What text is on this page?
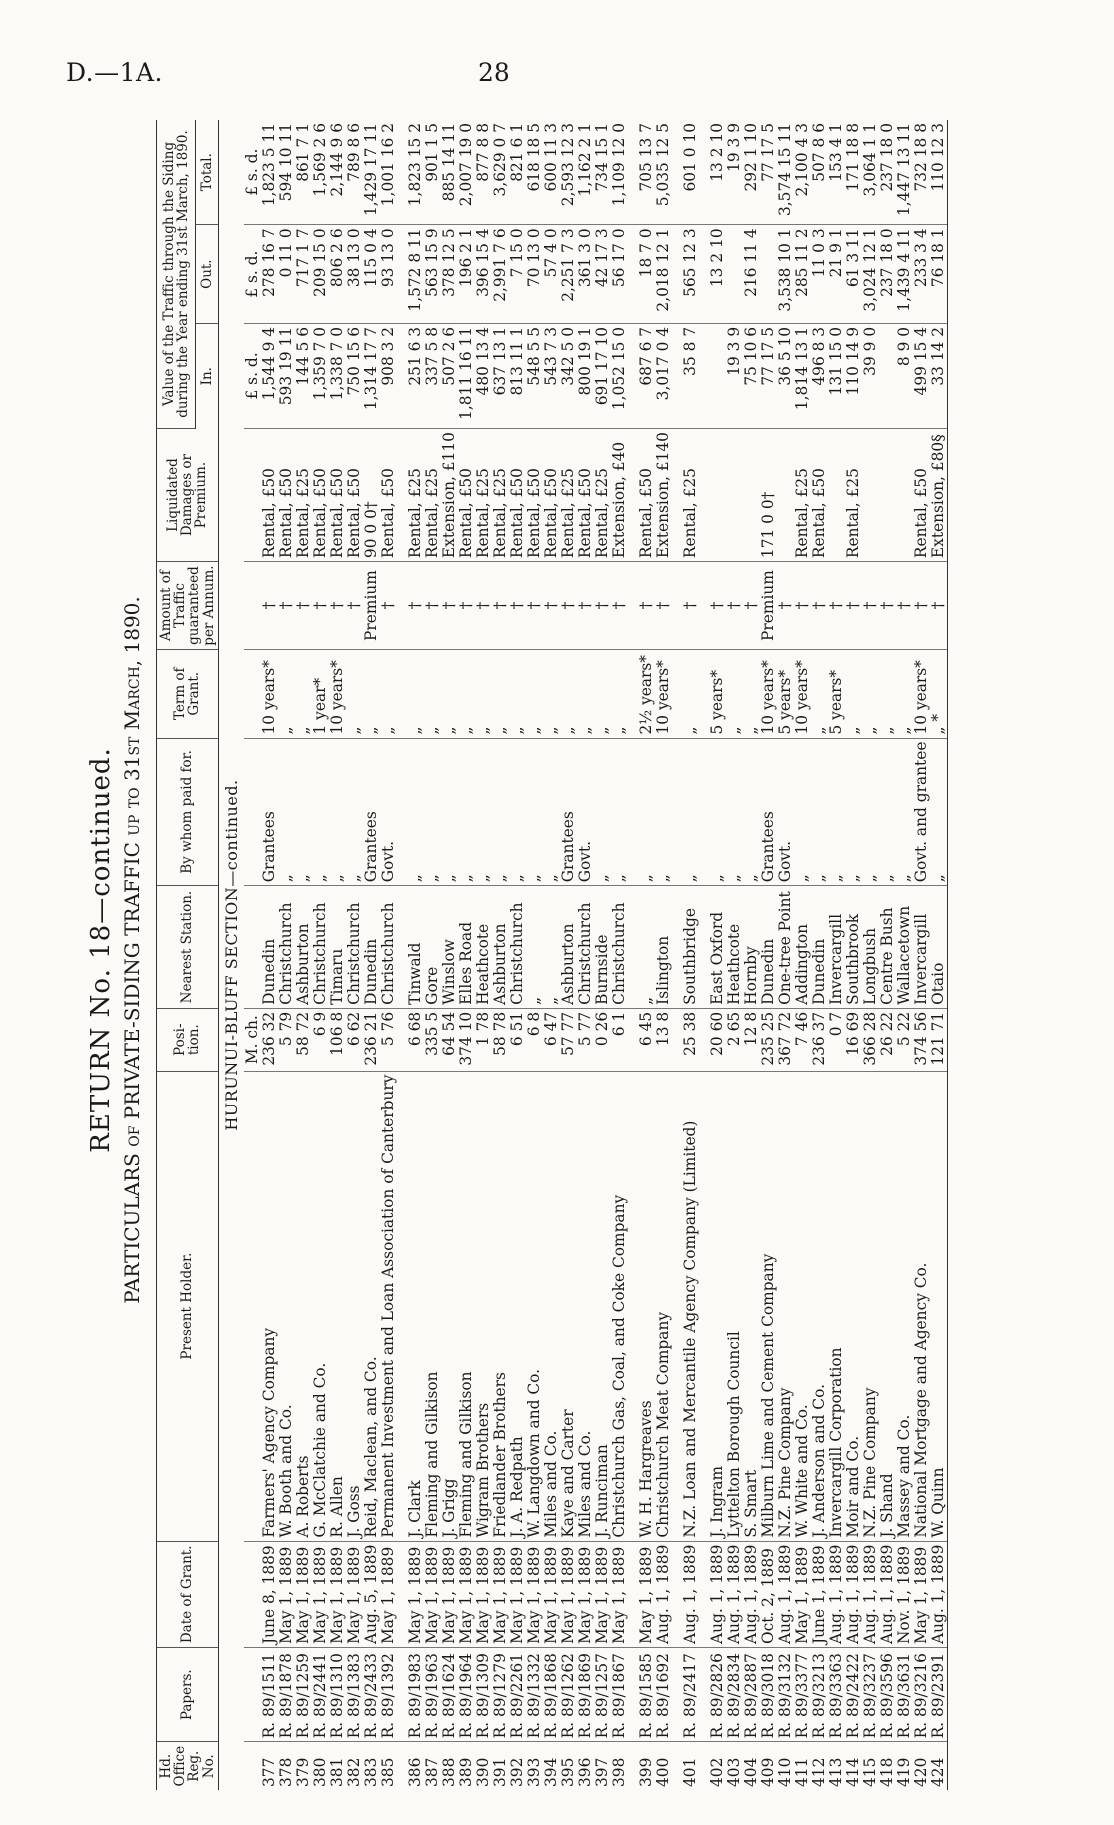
D.—1A.	28
RETURN No. 18—continued. PARTICULARS of PRIVATE-SIDING TRAFFIC up to 31st March, 1890.
Hd. Office Reg. No.	Papers.	Date of Grant.	Present Holder.	Posi-tion.	Nearest Station.	By whom paid for.	Term of Grant.	Amount of Traffic guaranteed per Annum.	Liquidated Damages or Premium.	Value of the Traffic through the Siding during the Year ending 31st March, 1890.		
										In.	Out.	Total.
HURUNUI-BLUFF SECTION—continued.												
				M. ch.						£ s. d.	£ s. d.	£ s. d.
377	R. 89/1511	June 8, 1889	Farmers' Agency Company	236 32	Dunedin	Grantees	10 years*	†	Rental, £50	1,544 9 4	278 16 7	1,823 5 11
378	R. 89/1878	May 1, 1889	W. Booth and Co.	5 79	Christchurch	„	„	†	Rental, £50	593 19 11	0 11 0	594 10 11
379	R. 89/1259	May 1, 1889	A. Roberts	58 72	Ashburton	„	„	†	Rental, £25	144 5 6	717 1 7	861 7 1
380	R. 89/2441	May 1, 1889	G. McClatchie and Co.	6 9	Christchurch	„	1 year*	†	Rental, £50	1,359 7 0	209 15 0	1,569 2 6
381	R. 89/1310	May 1, 1889	R. Allen	106 8	Timaru	„	10 years*	†	Rental, £50	1,338 7 0	806 2 6	2,144 9 6
382	R. 89/1383	May 1, 1889	J. Goss	6 62	Christchurch	„	„	†	Rental, £50	750 15 6	38 13 0	789 8 6
383	R. 89/2433	Aug. 5, 1889	Reid, Maclean, and Co.	236 21	Dunedin	Grantees	„	Premium	90 0 0†	1,314 17 7	115 0 4	1,429 17 11
385	R. 89/1392	May 1, 1889	Permanent Investment and Loan Association of Canterbury	5 76	Christchurch	Govt.	„	†	Rental, £50	908 3 2	93 13 0	1,001 16 2

386	R. 89/1983	May 1, 1889	J. Clark	6 68	Tinwald	„	„	†	Rental, £25	251 6 3	1,572 8 11	1,823 15 2
387	R. 89/1963	May 1, 1889	Fleming and Gilkison	335 5	Gore	„	„	†	Rental, £25	337 5 8	563 15 9	901 1 5
388	R. 89/1624	May 1, 1889	J. Grigg	64 54	Winslow	„	„	†	Extension, £110	507 2 6	378 12 5	885 14 11
389	R. 89/1964	May 1, 1889	Fleming and Gilkison	374 10	Elles Road	„	„	†	Rental, £50	1,811 16 11	196 2 1	2,007 19 0
390	R. 89/1309	May 1, 1889	Wigram Brothers	1 78	Heathcote	„	„	†	Rental, £25	480 13 4	396 15 4	877 8 8
391	R. 89/1279	May 1, 1889	Friedlander Brothers	58 78	Ashburton	„	„	†	Rental, £25	637 13 1	2,991 7 6	3,629 0 7
392	R. 89/2261	May 1, 1889	J. A. Redpath	6 51	Christchurch	„	„	†	Rental, £50	813 11 1	7 15 0	821 6 1
393	R. 89/1332	May 1, 1889	W. Langdown and Co.	6 8	„	„	„	†	Rental, £50	548 5 5	70 13 0	618 18 5
394	R. 89/1868	May 1, 1889	Miles and Co.	6 47	„	„	„	†	Rental, £50	543 7 3	57 4 0	600 11 3
395	R. 89/1262	May 1, 1889	Kaye and Carter	57 77	Ashburton	Grantees	„	†	Rental, £25	342 5 0	2,251 7 3	2,593 12 3
396	R. 89/1869	May 1, 1889	Miles and Co.	5 77	Christchurch	Govt.	„	†	Rental, £50	800 19 1	361 3 0	1,162 2 1
397	R. 89/1257	May 1, 1889	J. Runciman	0 26	Burnside	„	„	†	Rental, £25	691 17 10	42 17 3	734 15 1
398	R. 89/1867	May 1, 1889	Christchurch Gas, Coal, and Coke Company	6 1	Christchurch	„	„	†	Extension, £40	1,052 15 0	56 17 0	1,109 12 0

399	R. 89/1585	May 1, 1889	W. H. Hargreaves	6 45	„	„	2½ years*	†	Rental, £50	687 6 7	18 7 0	705 13 7
400	R. 89/1692	Aug. 1, 1889	Christchurch Meat Company	13 8	Islington	„	10 years*	†	Extension, £140	3,017 0 4	2,018 12 1	5,035 12 5

401	R. 89/2417	Aug. 1, 1889	N.Z. Loan and Mercantile Agency Company (Limited)	25 38	Southbridge	„	„	†	Rental, £25	35 8 7	565 12 3	601 0 10

402	R. 89/2826	Aug. 1, 1889	J. Ingram	20 60	East Oxford	„	5 years*	†			13 2 10	13 2 10
403	R. 89/2834	Aug. 1, 1889	Lyttelton Borough Council	2 65	Heathcote	„	„	†		19 3 9		19 3 9
404	R. 89/2887	Aug. 1, 1889	S. Smart	12 8	Hornby	„	„	†		75 10 6	216 11 4	292 1 10
409	R. 89/3018	Oct. 2, 1889	Milburn Lime and Cement Company	235 25	Dunedin	Grantees	10 years*	Premium	171 0 0†	77 17 5		77 17 5
410	R. 89/3132	Aug. 1, 1889	N.Z. Pine Company	367 72	One-tree Point	Govt.	5 years*	†		36 5 10	3,538 10 1	3,574 15 11
411	R. 89/3377	May 1, 1889	W. White and Co.	7 46	Addington	„	10 years*	†	Rental, £25	1,814 13 1	285 11 2	2,100 4 3
412	R. 89/3213	June 1, 1889	J. Anderson and Co.	236 37	Dunedin	„	„	†	Rental, £50	496 8 3	11 0 3	507 8 6
413	R. 89/3363	Aug. 1, 1889	Invercargill Corporation	0 7	Invercargill	„	5 years*	†		131 15 0	21 9 1	153 4 1
414	R. 89/2422	Aug. 1, 1889	Moir and Co.	16 69	Southbrook	„	„	†	Rental, £25	110 14 9	61 3 11	171 18 8
415	R. 89/3237	Aug. 1, 1889	N.Z. Pine Company	366 28	Longbush	„	„	†		39 9 0	3,024 12 1	3,064 1 1
418	R. 89/3596	Aug. 1, 1889	J. Shand	26 22	Centre Bush	„	„	†			237 18 0	237 18 0
419	R. 89/3631	Nov. 1, 1889	Massey and Co.	5 22	Wallacetown	„	„	†		8 9 0	1,439 4 11	1,447 13 11
420	R. 89/3216	May 1, 1889	National Mortgage and Agency Co.	374 56	Invercargill	Govt. and grantee	10 years*	†	Rental, £50	499 15 4	233 3 4	732 18 8
424	R. 89/2391	Aug. 1, 1889	W. Quinn	121 71	Otaio	„	„ *	†	Extension, £80§	33 14 2	76 18 1	110 12 3
